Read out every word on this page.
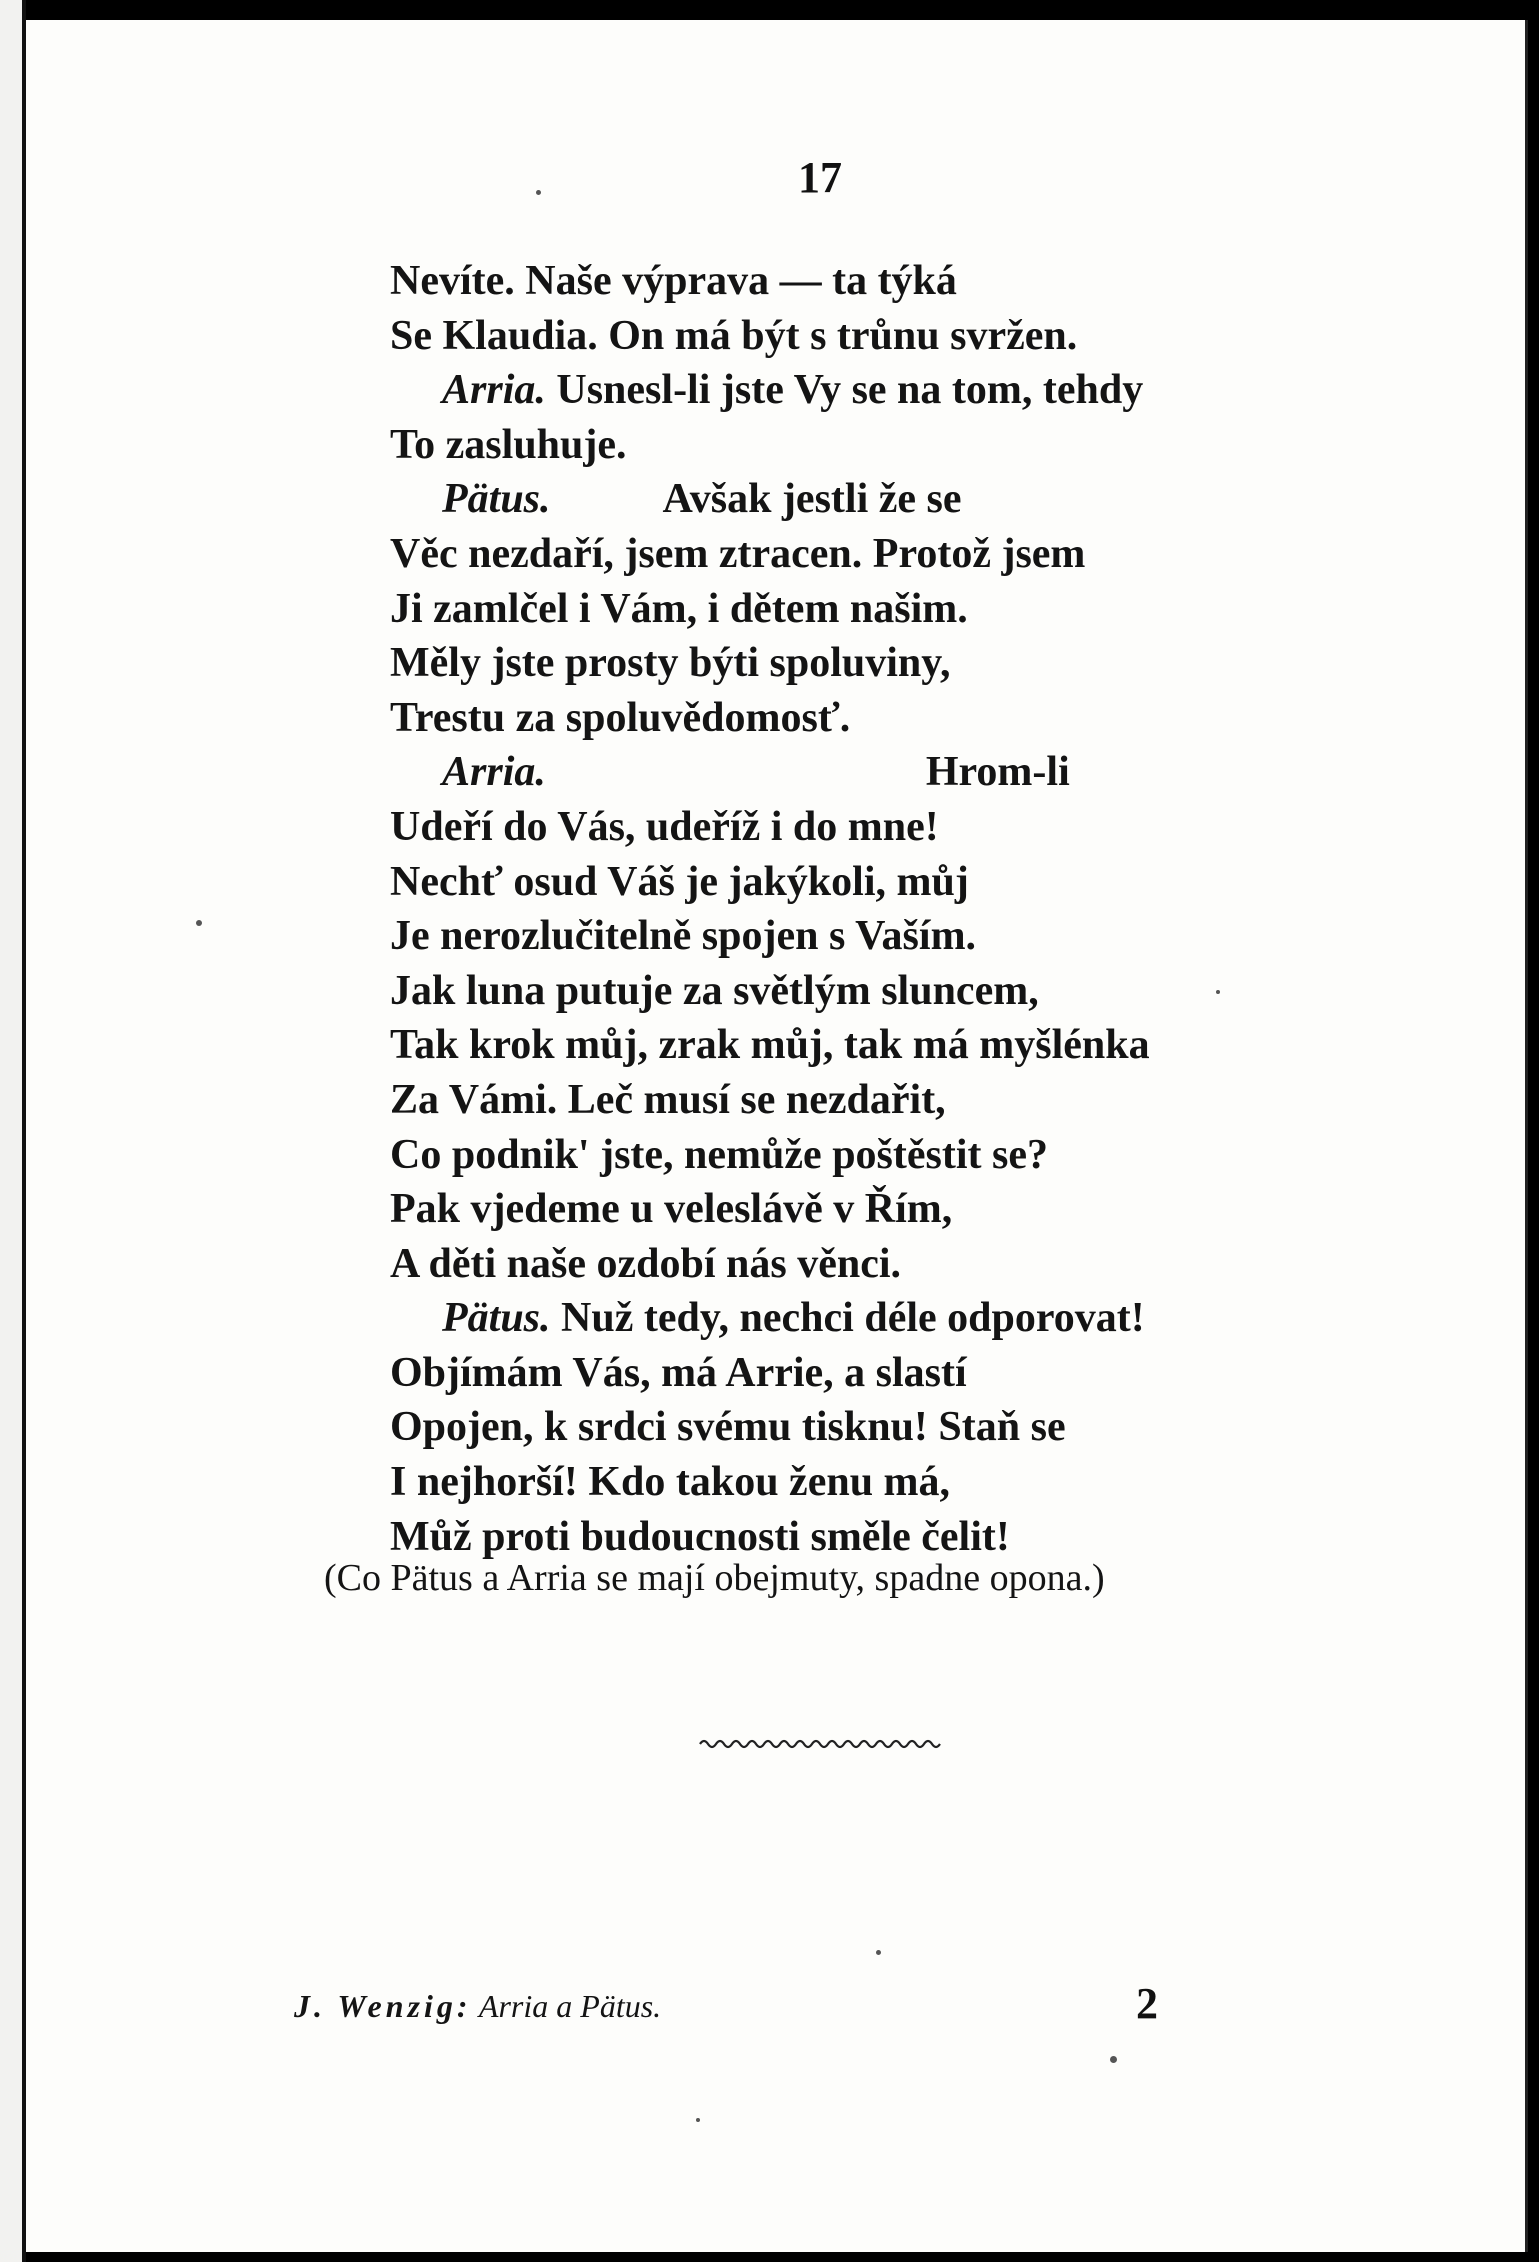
17
Nevíte. Naše výprava — ta týká
Se Klaudia. On má být s trůnu svržen.
Arria. Usnesl-li jste Vy se na tom, tehdy
To zasluhuje.
Pätus.	Avšak jestli že se
Věc nezdaří, jsem ztracen. Protož jsem
Ji zamlčel i Vám, i dětem našim.
Měly jste prosty býti spoluviny,
Trestu za spoluvědomosť.
Arria.	Hrom-li
Udeří do Vás, udeříž i do mne!
Nechť osud Váš je jakýkoli, můj
Je nerozlučitelně spojen s Vaším.
Jak luna putuje za světlým sluncem,
Tak krok můj, zrak můj, tak má myšlénka
Za Vámi. Leč musí se nezdařit,
Co podnik' jste, nemůže poštěstit se?
Pak vjedeme u veleslávě v Řím,
A děti naše ozdobí nás věnci.
Pätus. Nuž tedy, nechci déle odporovat!
Objímám Vás, má Arrie, a slastí
Opojen, k srdci svému tisknu! Staň se
I nejhorší! Kdo takou ženu má,
Můž proti budoucnosti směle čelit!
(Co Pätus a Arria se mají obejmuty, spadne opona.)
J. Wenzig: Arria a Pätus.	2
